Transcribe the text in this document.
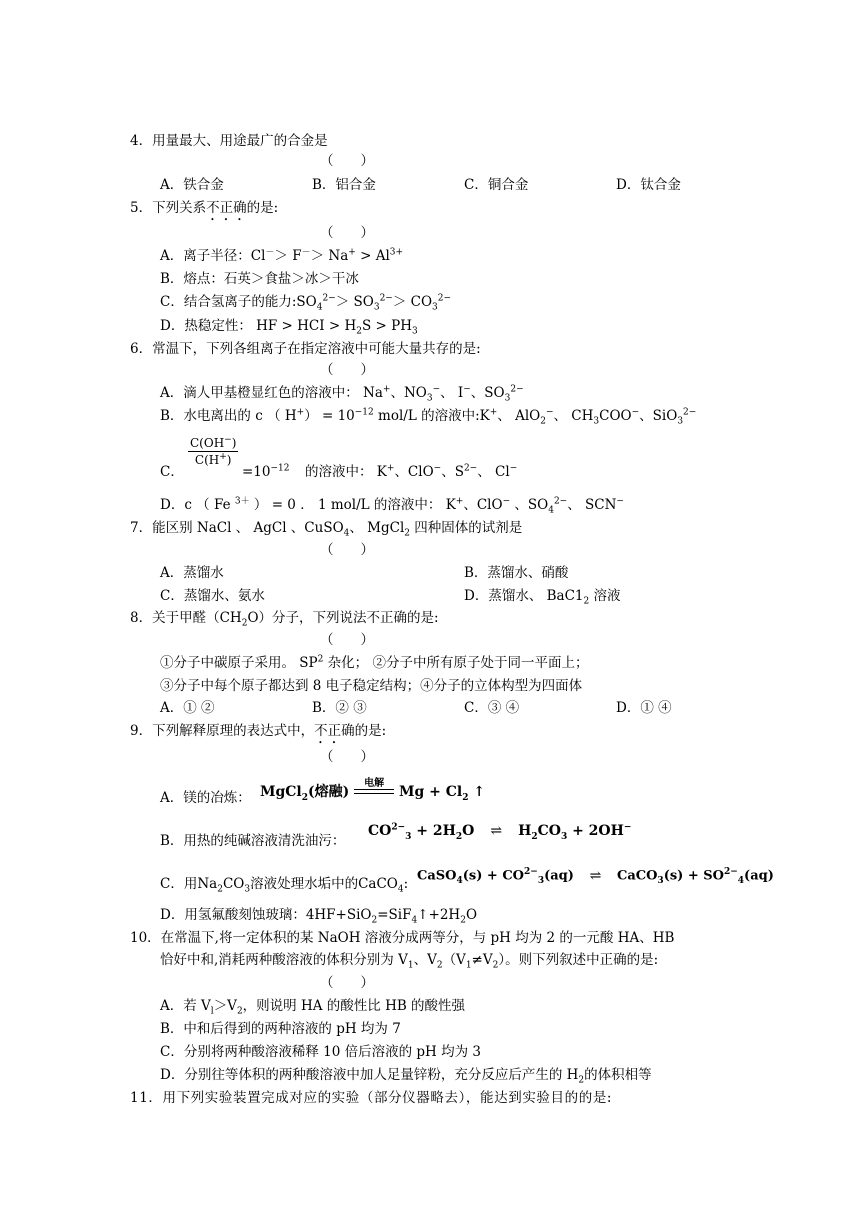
4．用量最大、用途最广的合金是
（　　）
A．铁合金	B．铝合金	C．铜合金	D．钛合金
5．下列关系不正确的是:
（　　）
A．离子半径：$Cl^-> F^-> Na^+ > Al^{3+}$
B．熔点：石英＞食盐＞冰＞干冰
C．结合氢离子的能力$:SO_4^{2-}> SO_3^{2-}> CO_3^{2-}$
D．热稳定性： HF > HCI > $H_2S > PH_3$
6．常温下，下列各组离子在指定溶液中可能大量共存的是:
（　　）
A．滴人甲基橙显红色的溶液中： Na+、$NO_3^-$、 I−、$SO_3^{2-}$
B．水电离出的 c （ $H^+) = 10^{-12}$ mol/L 的溶液中:K+、 AlO$_2$−、 $CH_3COO^-$、SiO$_3^{2-}$
C．
$\frac{C(OH^-)}{C(H^+)}$
$=10^{-12}$ 的溶液中： K+、ClO−、$S^{2-}$、 Cl−
D．c （ Fe $^{3+}$ ） = 0 ． 1 mol/L 的溶液中： K+、ClO− 、$SO_4^{2-}$、 SCN−
7．能区别 NaCl 、 AgCl 、CuSO$_4$、 MgCl$_2$ 四种固体的试剂是
（　　）
A．蒸馏水	B．蒸馏水、硝酸
C．蒸馏水、氨水	D．蒸馏水、 $BaC1_2$ 溶液
8．关于甲醛$(CH_2O)$分子，下列说法不正确的是:
（　　）
①分子中碳原子采用。 $SP^2$ 杂化； ②分子中所有原子处于同一平面上；
③分子中每个原子都达到 8 电子稳定结构；④分子的立体构型为四面体
A．① ②	B．② ③	C．③ ④	D．① ④
9．下列解释原理的表达式中，不正确的是:
（　　）
A．镁的冶炼： MgCl$_2$(熔融)
电解
$Mg + Cl_2$ ↑
B．用热的纯碱溶液清洗油污：
$CO^{2-}_3 + 2H_2O$ ⇌ $H_2CO_3 + 2OH^-$
C．用$Na_2CO_3$溶液处理水垢中的CaCO$_4$: CaSO$_4$(s) + $CO^{2-}_3(aq)$ ⇌ CaCO$_3$(s) + $SO^{2-}_4(aq)$
D．用氢氟酸刻蚀玻璃：$4HF+SiO_2=SiF_4↑+2H_2O$
10．在常温下,将一定体积的某 NaOH 溶液分成两等分，与 pH 均为 2 的一元酸 HA、HB
恰好中和,消耗两种酸溶液的体积分别为 $V_1$、$V_2(V_1\ne V_2)$。则下列叙述中正确的是:
（　　）
A．若 $V_l>V_2$，则说明 HA 的酸性比 HB 的酸性强
B．中和后得到的两种溶液的 pH 均为 7
C．分别将两种酸溶液稀释 10 倍后溶液的 pH 均为 3
D．分别往等体积的两种酸溶液中加人足量锌粉，充分反应后产生的 $H_2$的体积相等
11．用下列实验装置完成对应的实验（部分仪器略去），能达到实验目的的是:
